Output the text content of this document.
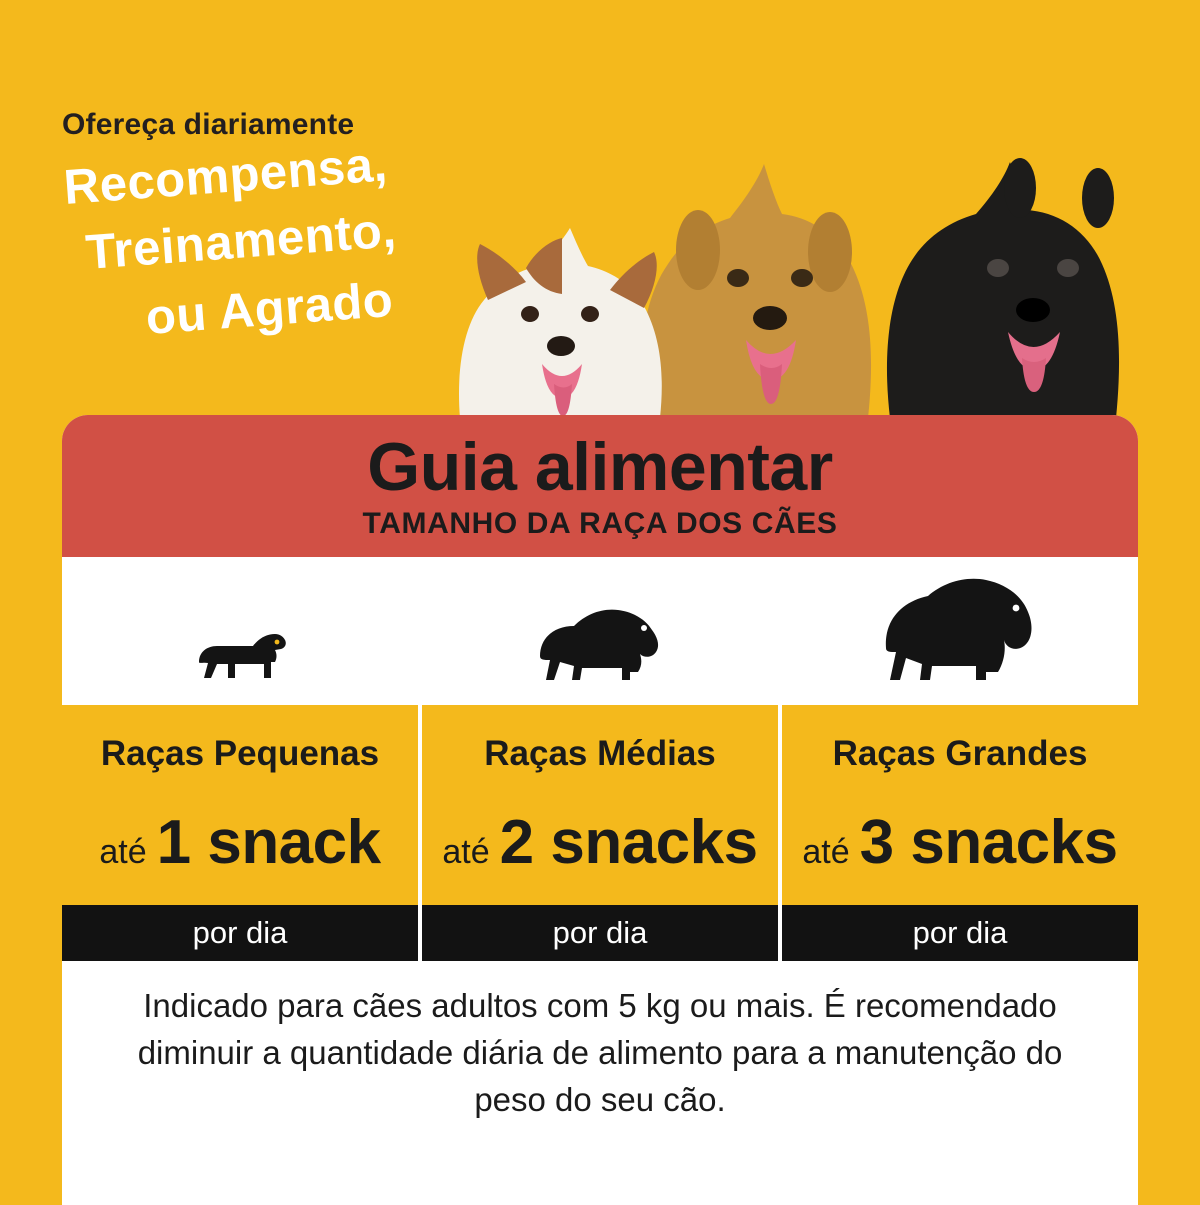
Ofereça diariamente
Recompensa,
Treinamento,
ou Agrado
Guia alimentar
TAMANHO DA RAÇA DOS CÃES
Raças Pequenas	Raças Médias	Raças Grandes
até 1 snack até 2 snacks até 3 snacks
por dia	por dia	por dia
Indicado para cães adultos com 5 kg ou mais. É recomendado diminuir a quantidade diária de alimento para a manutenção do peso do seu cão.
